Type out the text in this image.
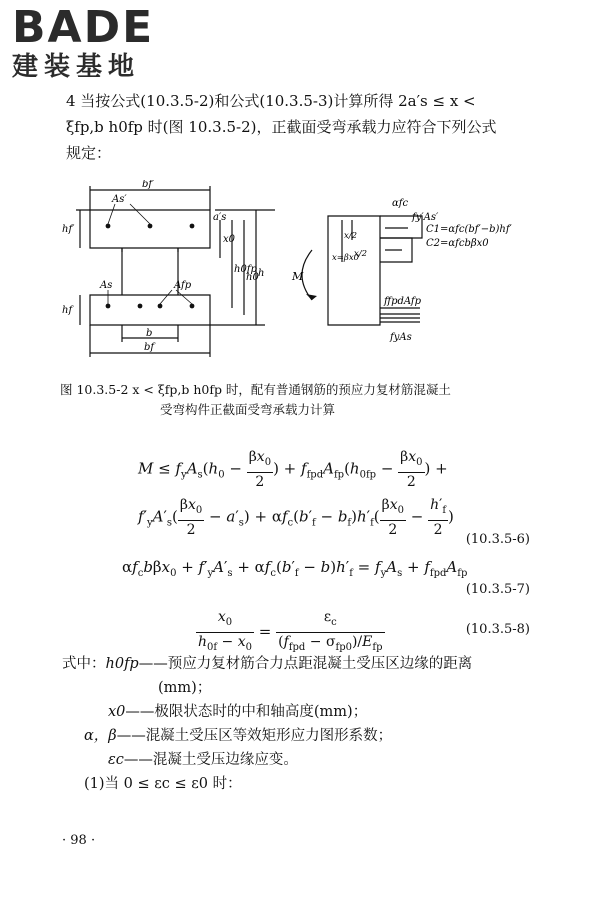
BADE
建装基地
4 当按公式(10.3.5-2)和公式(10.3.5-3)计算所得 2a′s ≤ x <
ξfp,b h0fp 时(图 10.3.5-2)，正截面受弯承载力应符合下列公式
规定：
bf′
As′
hf′
a′s
As	Afp
hf
b
bf
x0
h0fp
h0 h
αfc
fy′As′
C1=αfc(bf′−b)hf′
C2=αfcbβx0
x=βx0
x/2
x/2
M
ffpdAfp
fyAs
图 10.3.5-2 x < ξfp,b h0fp 时，配有普通钢筋的预应力复材筋混凝土
受弯构件正截面受弯承载力计算
$M \le f_yA_s(h_0 - \frac{\beta x_0}{2}$ ) + $f_{fpd}A_{fp}(h_{0fp} - \frac{\beta x_0}{2}$ ) +
$f'_yA'_s( \frac{\beta x_0}{2} - a'_s) + \alpha f_c(b'_f - b_f)h'_f( \frac{\beta x_0}{2} - \frac{h'_f}{2}$ )
(10.3.5-6)
$\alpha f_cb\beta x_0 + f'_yA'_s + \alpha f_c(b'_f - b)h'_f = f_yA_s + f_{fpd}A_{fp}$
(10.3.5-7)
$\frac{x_0}{h_{0f} - x_0} = \frac{\varepsilon_c}{(f_{fpd} - \sigma_{fp0})/E_{fp}}$	(10.3.5-8)
式中：h0fp——预应力复材筋合力点距混凝土受压区边缘的距离
(mm)；
x0——极限状态时的中和轴高度(mm)；
α，β——混凝土受压区等效矩形应力图形系数；
εc——混凝土受压边缘应变。
(1)当 0 ≤ εc ≤ ε0 时：
· 98 ·
